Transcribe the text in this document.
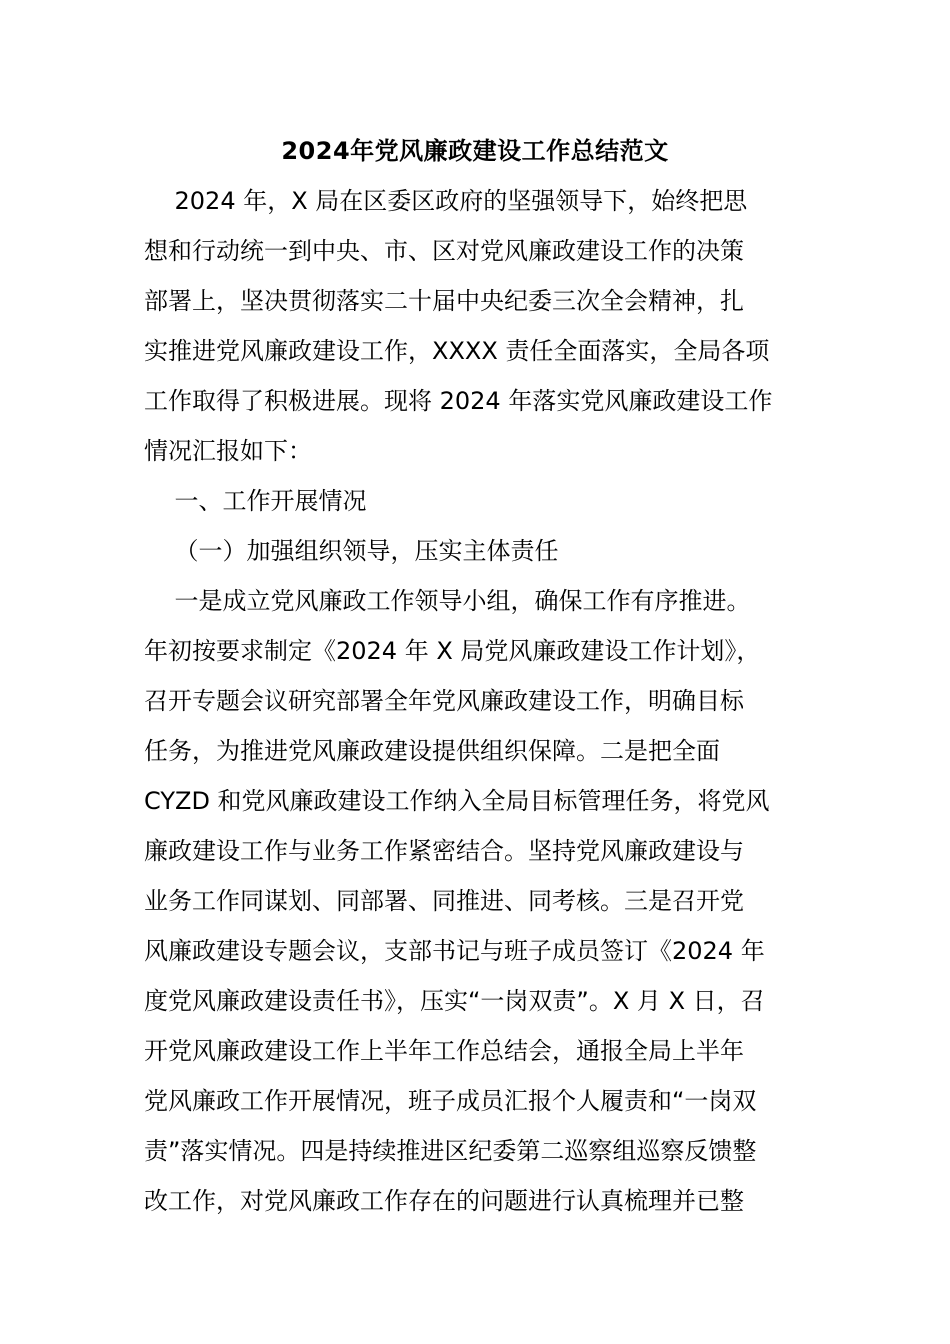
2024年党风廉政建设工作总结范文
2024 年，X 局在区委区政府的坚强领导下，始终把思
想和行动统一到中央、市、区对党风廉政建设工作的决策
部署上，坚决贯彻落实二十届中央纪委三次全会精神，扎
实推进党风廉政建设工作，XXXX 责任全面落实，全局各项
工作取得了积极进展。现将 2024 年落实党风廉政建设工作
情况汇报如下：
一、工作开展情况
（一）加强组织领导，压实主体责任
一是成立党风廉政工作领导小组，确保工作有序推进。
年初按要求制定《2024 年 X 局党风廉政建设工作计划》，
召开专题会议研究部署全年党风廉政建设工作，明确目标
任务，为推进党风廉政建设提供组织保障。二是把全面
CYZD 和党风廉政建设工作纳入全局目标管理任务，将党风
廉政建设工作与业务工作紧密结合。坚持党风廉政建设与
业务工作同谋划、同部署、同推进、同考核。三是召开党
风廉政建设专题会议，支部书记与班子成员签订《2024 年
度党风廉政建设责任书》，压实“一岗双责”。X 月 X 日，召
开党风廉政建设工作上半年工作总结会，通报全局上半年
党风廉政工作开展情况，班子成员汇报个人履责和“一岗双
责”落实情况。四是持续推进区纪委第二巡察组巡察反馈整
改工作，对党风廉政工作存在的问题进行认真梳理并已整
